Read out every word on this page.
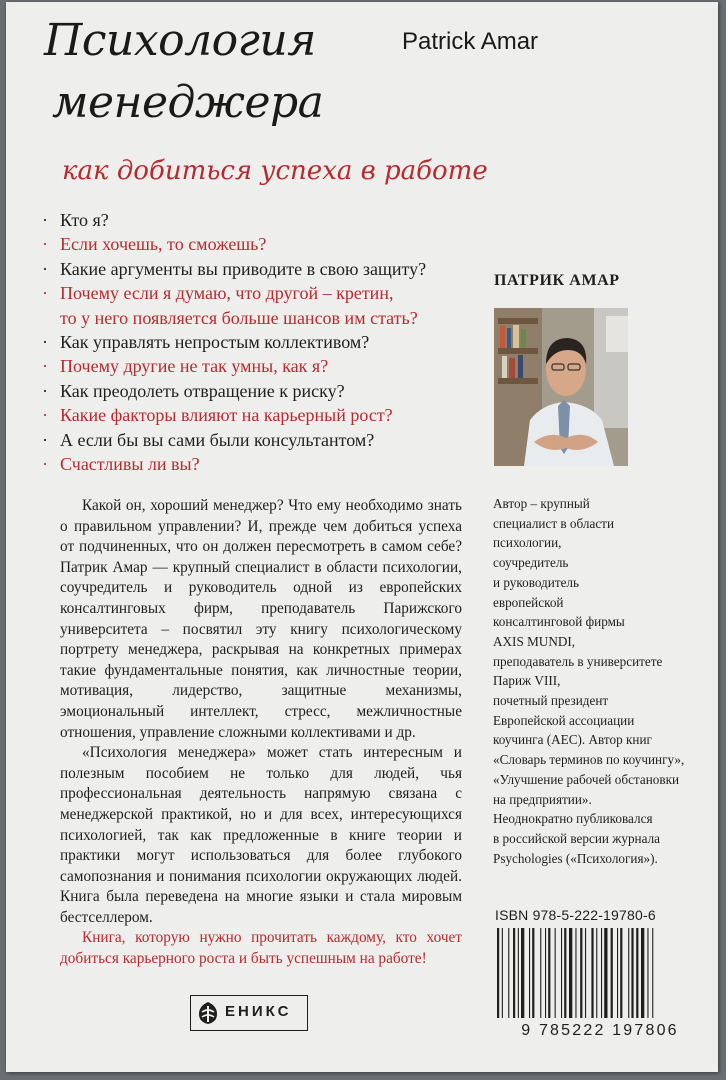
Психология
менеджера
Patrick Amar
как добиться успеха в работе
· Кто я?
· Если хочешь, то сможешь?
· Какие аргументы вы приводите в свою защиту?
· Почему если я думаю, что другой – кретин,
то у него появляется больше шансов им стать?
· Как управлять непростым коллективом?
· Почему другие не так умны, как я?
· Как преодолеть отвращение к риску?
· Какие факторы влияют на карьерный рост?
· А если бы вы сами были консультантом?
· Счастливы ли вы?
ПАТРИК АМАР

Какой он, хороший менеджер? Что ему необходимо знать о правильном управлении? И, прежде чем добиться успеха от подчиненных, что он должен пересмотреть в самом себе? Патрик Амар — крупный специалист в области психологии, соучредитель и руководитель одной из европейских консалтинговых фирм, преподаватель Парижского университета – посвятил эту книгу психологическому портрету менеджера, раскрывая на конкретных примерах такие фундаментальные понятия, как личностные теории, мотивация, лидерство, защитные механизмы, эмоциональный интеллект, стресс, межличностные отношения, управление сложными коллективами и др.

«Психология менеджера» может стать интересным и полезным пособием не только для людей, чья профессиональная деятельность напрямую связана с менеджерской практикой, но и для всех, интересующихся психологией, так как предложенные в книге теории и практики могут использоваться для более глубокого самопознания и понимания психологии окружающих людей. Книга была переведена на многие языки и стала мировым бестселлером.

Книга, которую нужно прочитать каждому, кто хочет добиться карьерного роста и быть успешным на работе!

Автор – крупный
специалист в области
психологии,
соучредитель
и руководитель
европейской
консалтинговой фирмы
AXIS MUNDI,
преподаватель в университете
Париж VIII,
почетный президент
Европейской ассоциации
коучинга (AEC). Автор книг
«Словарь терминов по коучингу»,
«Улучшение рабочей обстановки
на предприятии».
Неоднократно публиковался
в российской версии журнала
Psychologies («Психология»).
ISBN 978-5-222-19780-6
9 785222 197806
ЕНИКС
